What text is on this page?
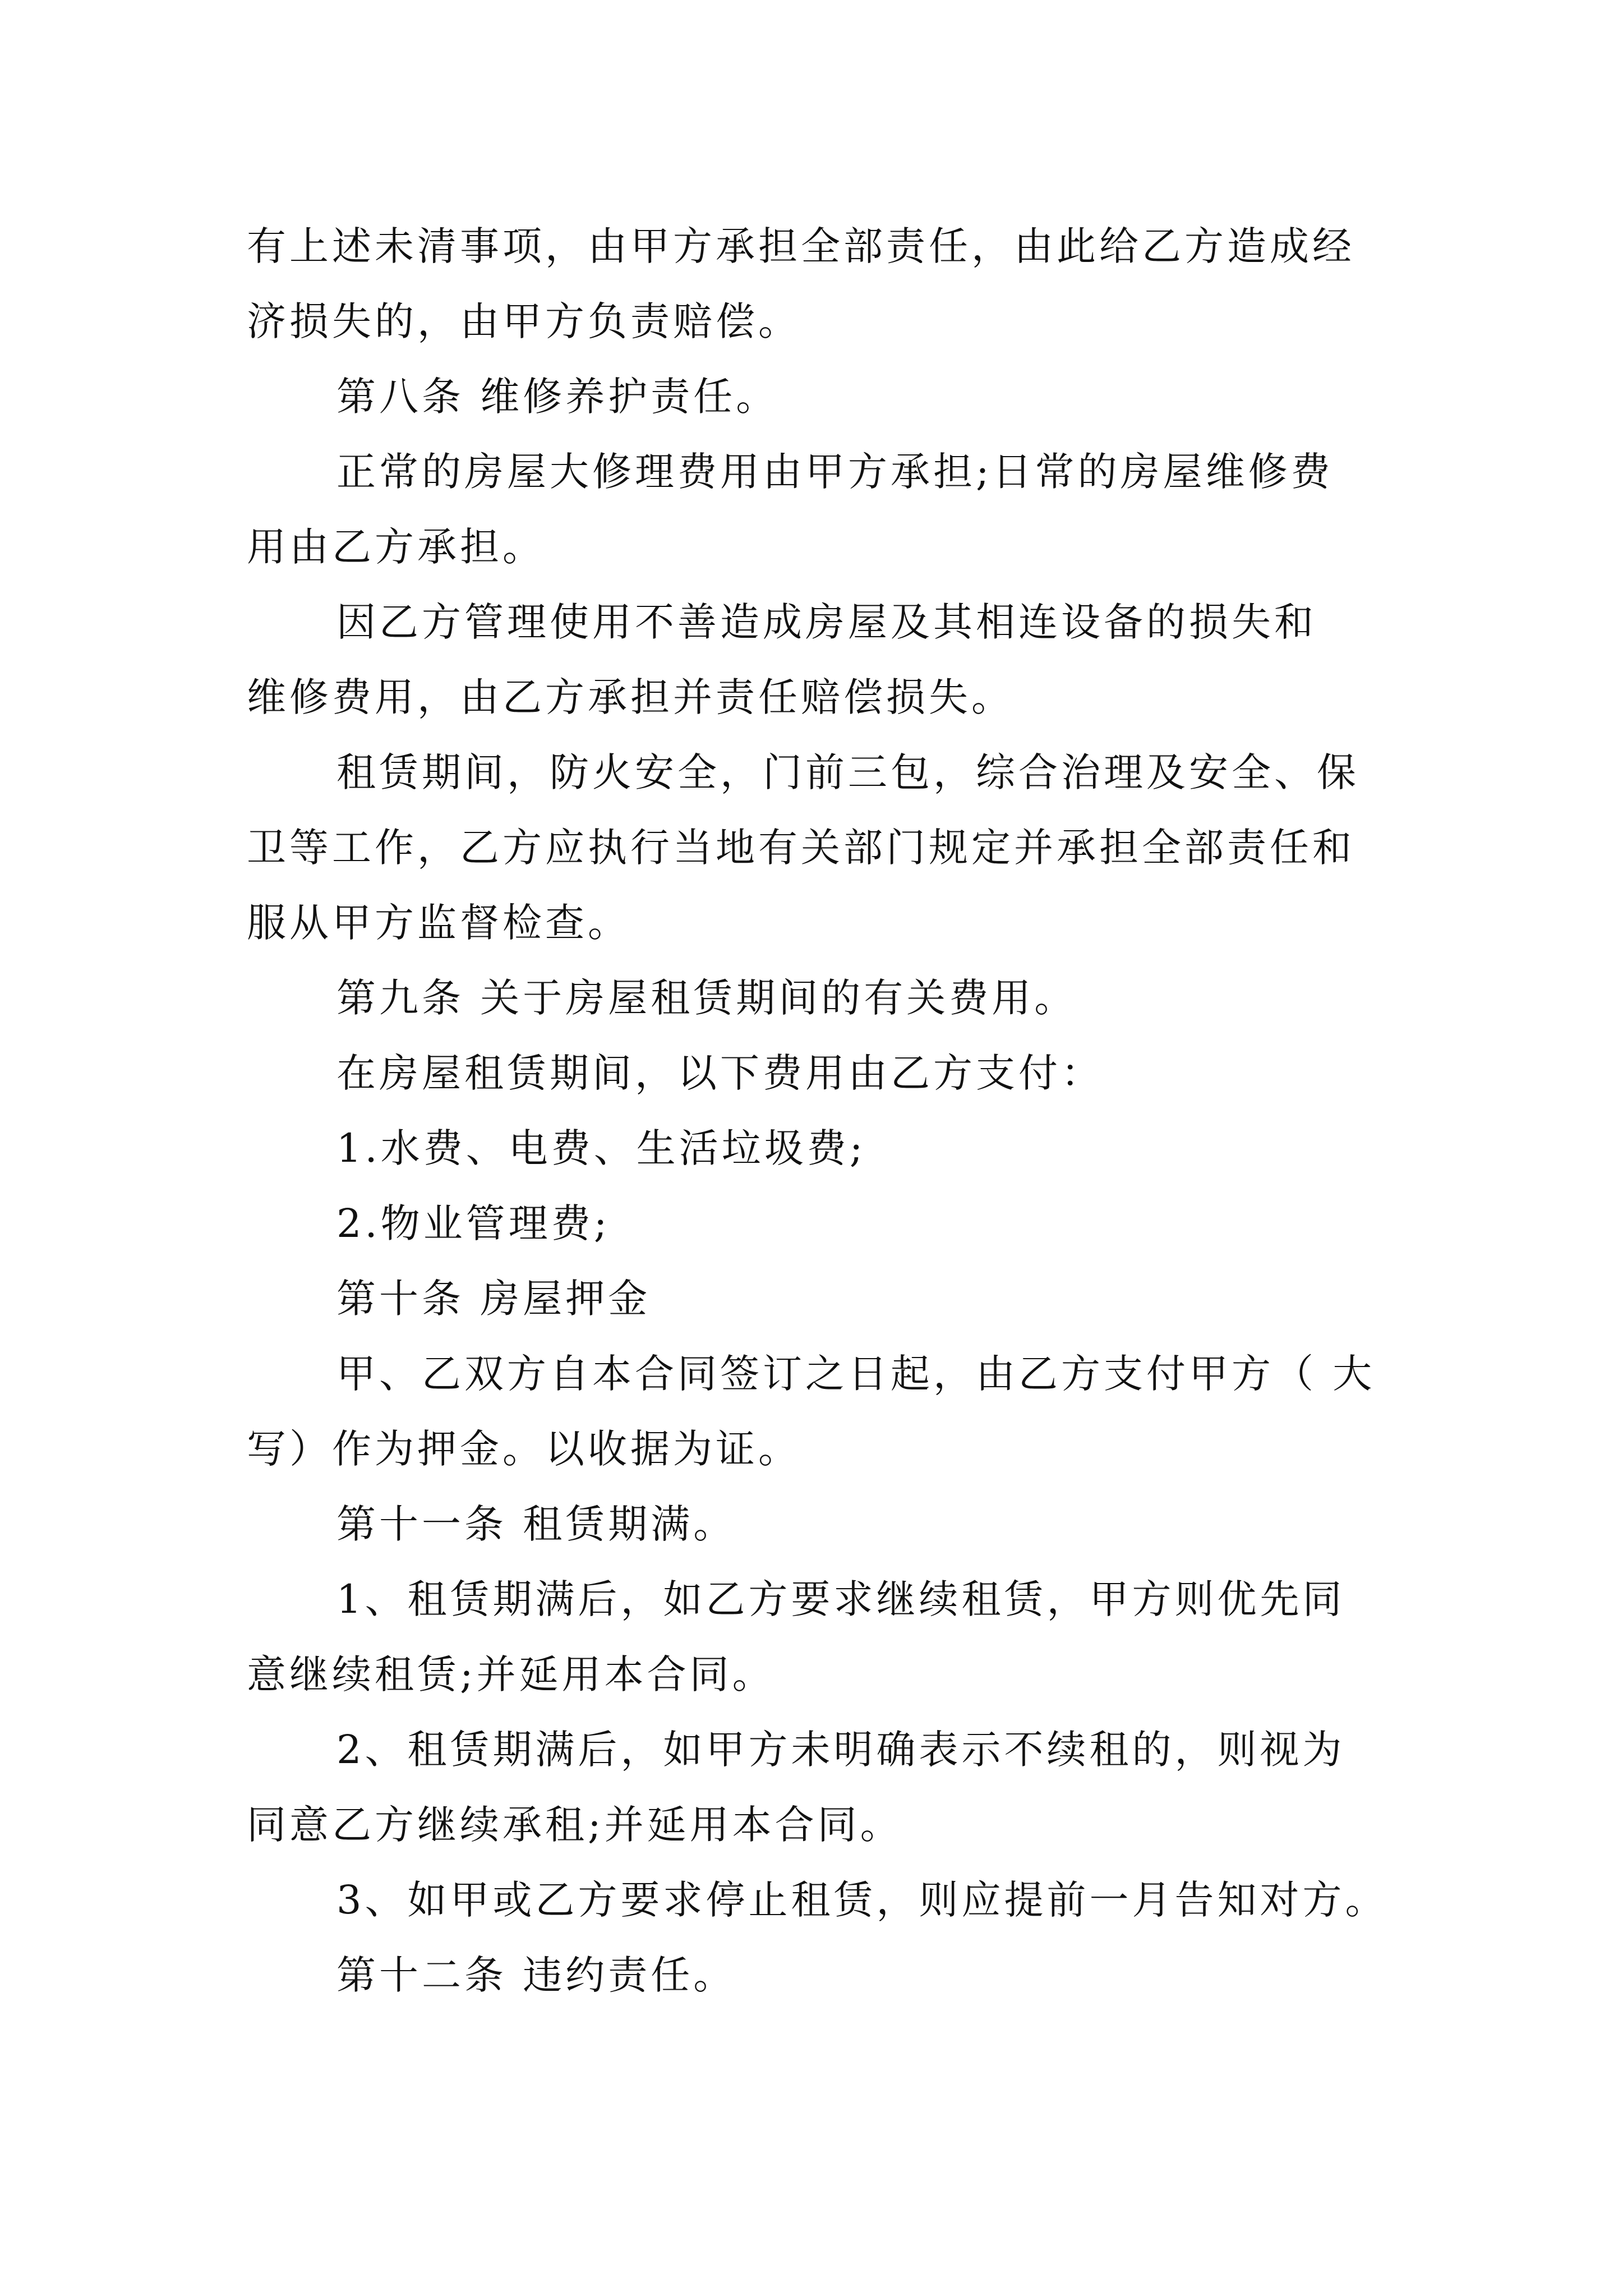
有上述未清事项，由甲方承担全部责任，由此给乙方造成经
济损失的，由甲方负责赔偿。
第八条 维修养护责任。
正常的房屋大修理费用由甲方承担;日常的房屋维修费
用由乙方承担。
因乙方管理使用不善造成房屋及其相连设备的损失和
维修费用，由乙方承担并责任赔偿损失。
租赁期间，防火安全，门前三包，综合治理及安全、保
卫等工作，乙方应执行当地有关部门规定并承担全部责任和
服从甲方监督检查。
第九条 关于房屋租赁期间的有关费用。
在房屋租赁期间，以下费用由乙方支付：
1.水费、电费、生活垃圾费;
2.物业管理费;
第十条 房屋押金
甲、乙双方自本合同签订之日起，由乙方支付甲方（ 大
写）作为押金。以收据为证。
第十一条 租赁期满。
1、租赁期满后，如乙方要求继续租赁，甲方则优先同
意继续租赁;并延用本合同。
2、租赁期满后，如甲方未明确表示不续租的，则视为
同意乙方继续承租;并延用本合同。
3、如甲或乙方要求停止租赁，则应提前一月告知对方。
第十二条 违约责任。
